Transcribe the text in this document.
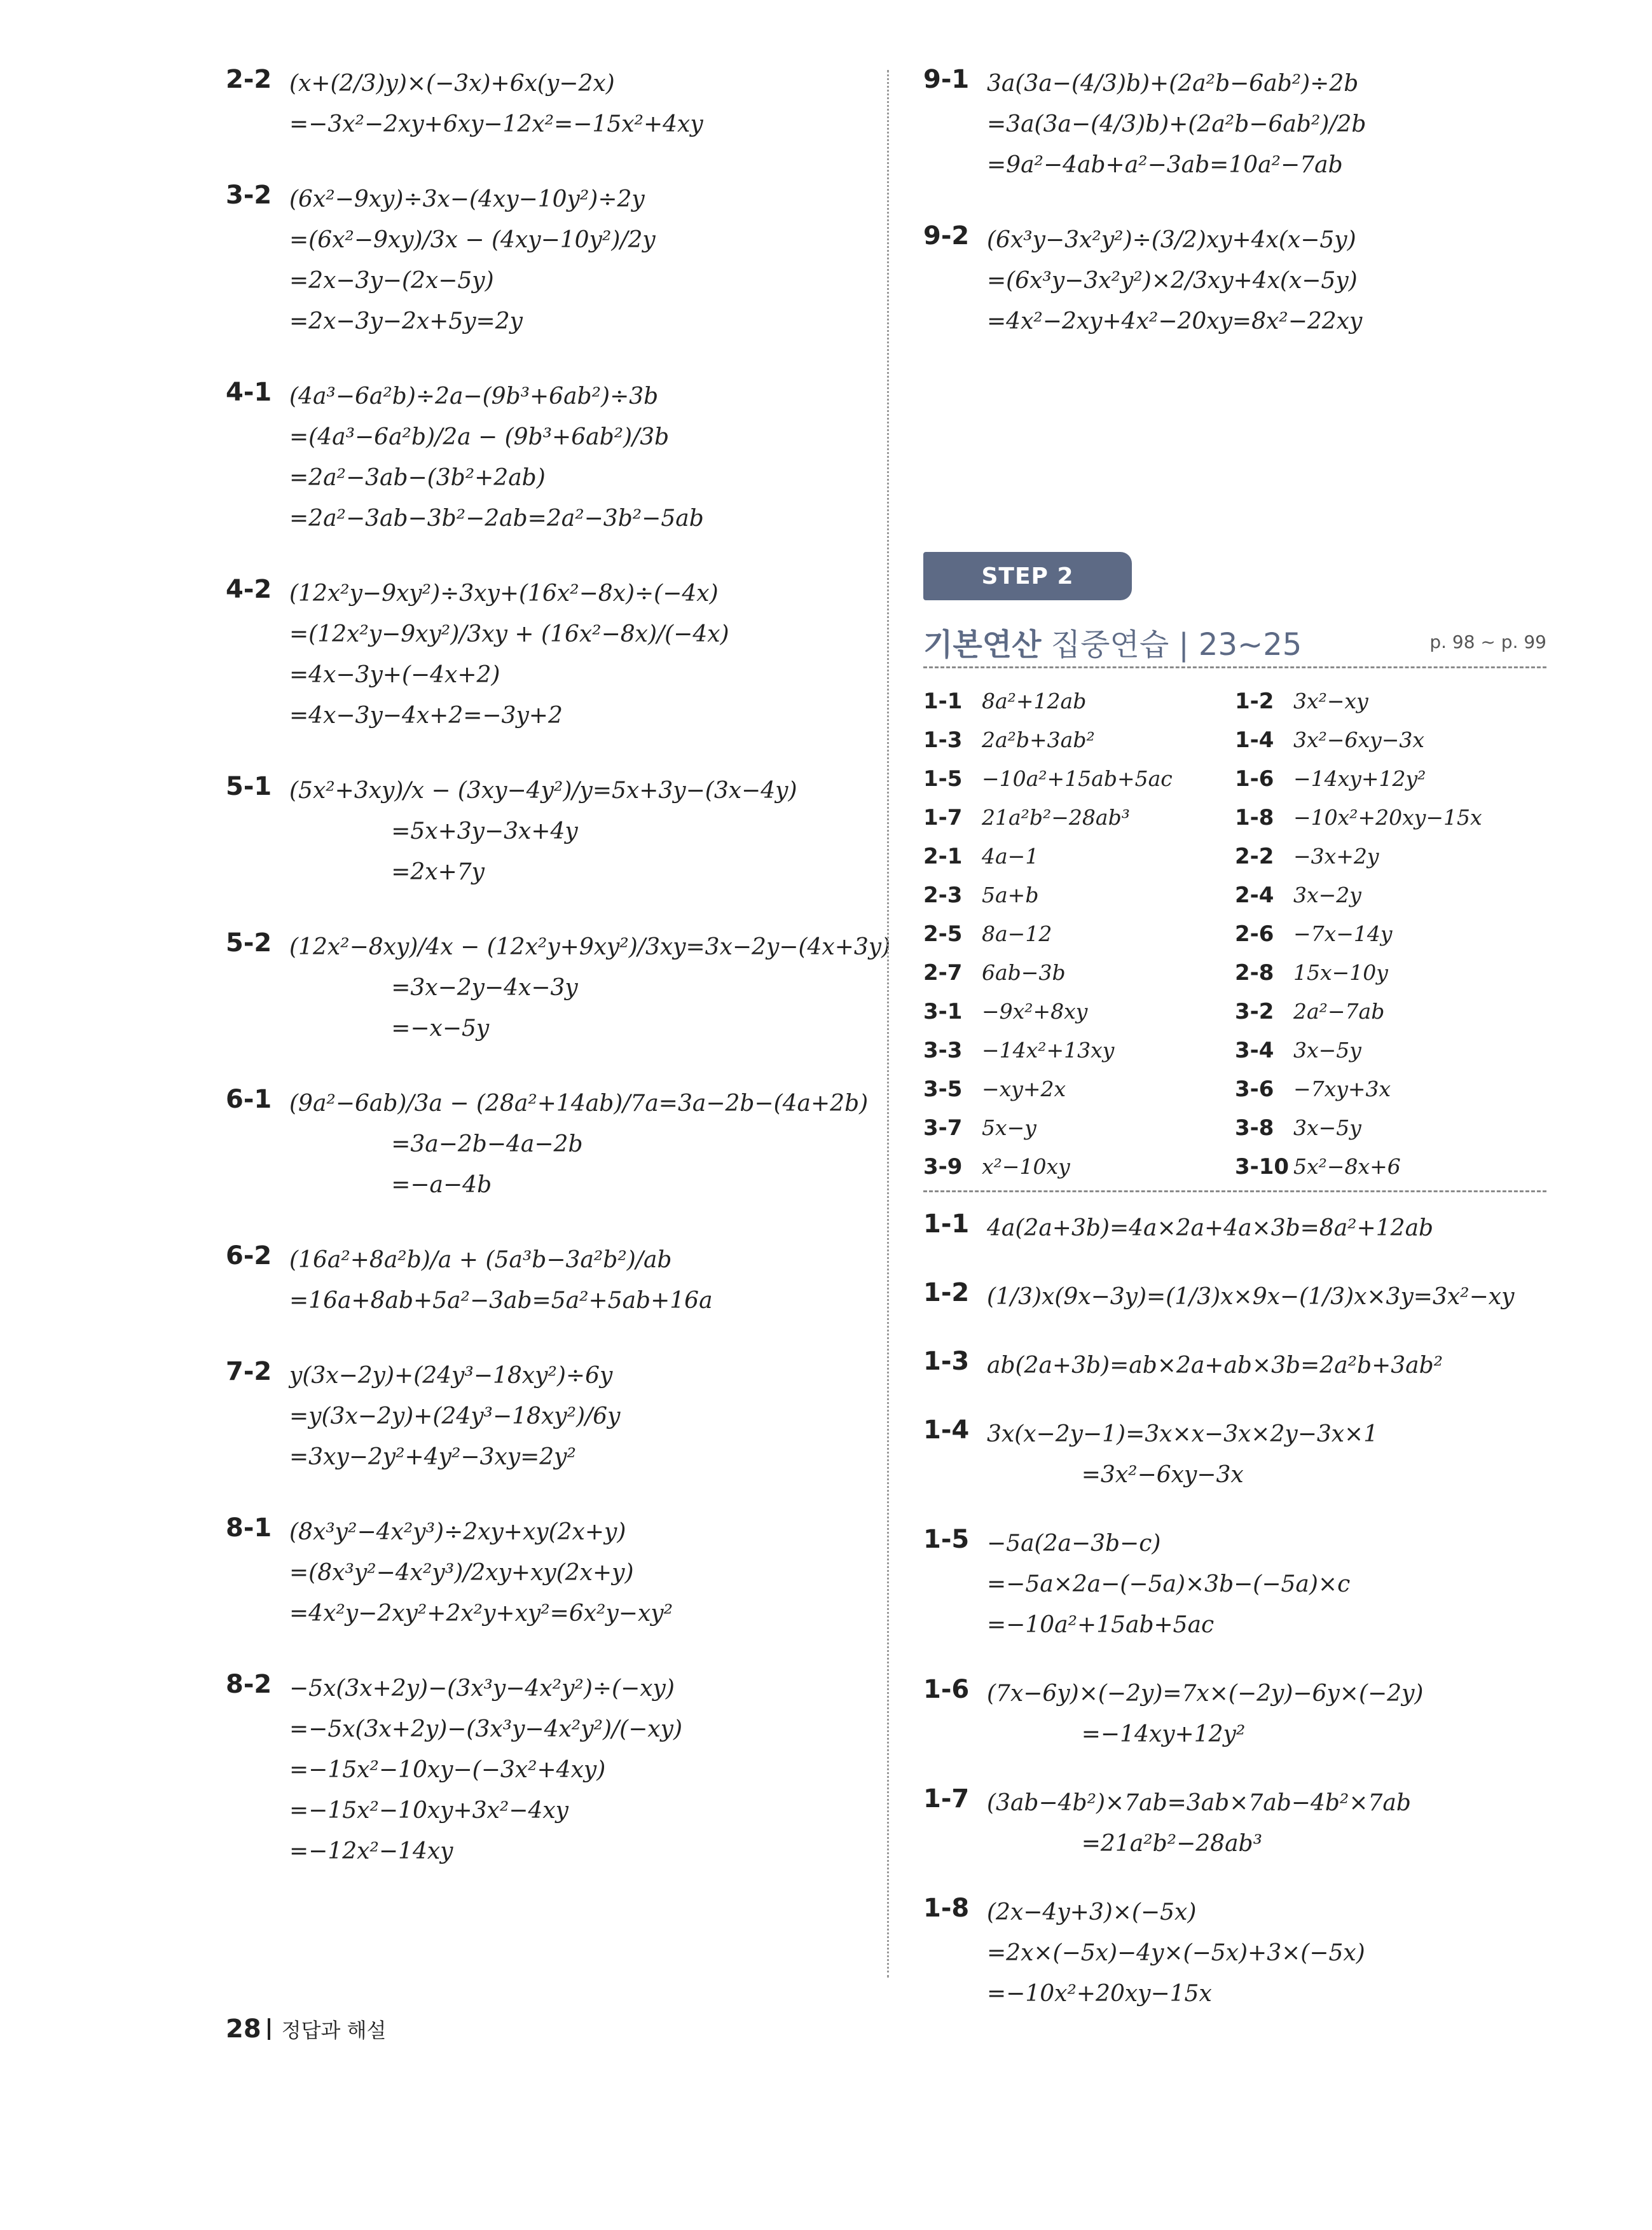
2-2 (x+(2/3)y)×(−3x)+6x(y−2x)
=−3x²−2xy+6xy−12x²=−15x²+4xy
3-2 (6x²−9xy)÷3x−(4xy−10y²)÷2y
=(6x²−9xy)/3x − (4xy−10y²)/2y
=2x−3y−(2x−5y)
=2x−3y−2x+5y=2y
4-1 (4a³−6a²b)÷2a−(9b³+6ab²)÷3b
=(4a³−6a²b)/2a − (9b³+6ab²)/3b
=2a²−3ab−(3b²+2ab)
=2a²−3ab−3b²−2ab=2a²−3b²−5ab
4-2 (12x²y−9xy²)÷3xy+(16x²−8x)÷(−4x)
=(12x²y−9xy²)/3xy + (16x²−8x)/(−4x)
=4x−3y+(−4x+2)
=4x−3y−4x+2=−3y+2
5-1 (5x²+3xy)/x − (3xy−4y²)/y=5x+3y−(3x−4y)
=5x+3y−3x+4y
=2x+7y
5-2 (12x²−8xy)/4x − (12x²y+9xy²)/3xy=3x−2y−(4x+3y)
=3x−2y−4x−3y
=−x−5y
6-1 (9a²−6ab)/3a − (28a²+14ab)/7a=3a−2b−(4a+2b)
=3a−2b−4a−2b
=−a−4b
6-2 (16a²+8a²b)/a + (5a³b−3a²b²)/ab
=16a+8ab+5a²−3ab=5a²+5ab+16a
7-2 y(3x−2y)+(24y³−18xy²)÷6y
=y(3x−2y)+(24y³−18xy²)/6y
=3xy−2y²+4y²−3xy=2y²
8-1 (8x³y²−4x²y³)÷2xy+xy(2x+y)
=(8x³y²−4x²y³)/2xy+xy(2x+y)
=4x²y−2xy²+2x²y+xy²=6x²y−xy²
8-2 −5x(3x+2y)−(3x³y−4x²y²)÷(−xy)
=−5x(3x+2y)−(3x³y−4x²y²)/(−xy)
=−15x²−10xy−(−3x²+4xy)
=−15x²−10xy+3x²−4xy
=−12x²−14xy
9-1 3a(3a−(4/3)b)+(2a²b−6ab²)÷2b
=3a(3a−(4/3)b)+(2a²b−6ab²)/2b
=9a²−4ab+a²−3ab=10a²−7ab
9-2 (6x³y−3x²y²)÷(3/2)xy+4x(x−5y)
=(6x³y−3x²y²)×2/3xy+4x(x−5y)
=4x²−2xy+4x²−20xy=8x²−22xy
STEP 2
기본연산 집중연습 | 23~25	p. 98 ~ p. 99
1-1 8a²+12ab	1-2 3x²−xy
1-3 2a²b+3ab²	1-4 3x²−6xy−3x
1-5 −10a²+15ab+5ac	1-6 −14xy+12y²
1-7 21a²b²−28ab³	1-8 −10x²+20xy−15x
2-1 4a−1	2-2 −3x+2y
2-3 5a+b	2-4 3x−2y
2-5 8a−12	2-6 −7x−14y
2-7 6ab−3b	2-8 15x−10y
3-1 −9x²+8xy	3-2 2a²−7ab
3-3 −14x²+13xy	3-4 3x−5y
3-5 −xy+2x	3-6 −7xy+3x
3-7 5x−y	3-8 3x−5y
3-9 x²−10xy	3-10 5x²−8x+6
1-1 4a(2a+3b)=4a×2a+4a×3b=8a²+12ab
1-2 (1/3)x(9x−3y)=(1/3)x×9x−(1/3)x×3y=3x²−xy
1-3 ab(2a+3b)=ab×2a+ab×3b=2a²b+3ab²
1-4 3x(x−2y−1)=3x×x−3x×2y−3x×1
=3x²−6xy−3x
1-5 −5a(2a−3b−c)
=−5a×2a−(−5a)×3b−(−5a)×c
=−10a²+15ab+5ac
1-6 (7x−6y)×(−2y)=7x×(−2y)−6y×(−2y)
=−14xy+12y²
1-7 (3ab−4b²)×7ab=3ab×7ab−4b²×7ab
=21a²b²−28ab³
1-8 (2x−4y+3)×(−5x)
=2x×(−5x)−4y×(−5x)+3×(−5x)
=−10x²+20xy−15x
28 정답과 해설
